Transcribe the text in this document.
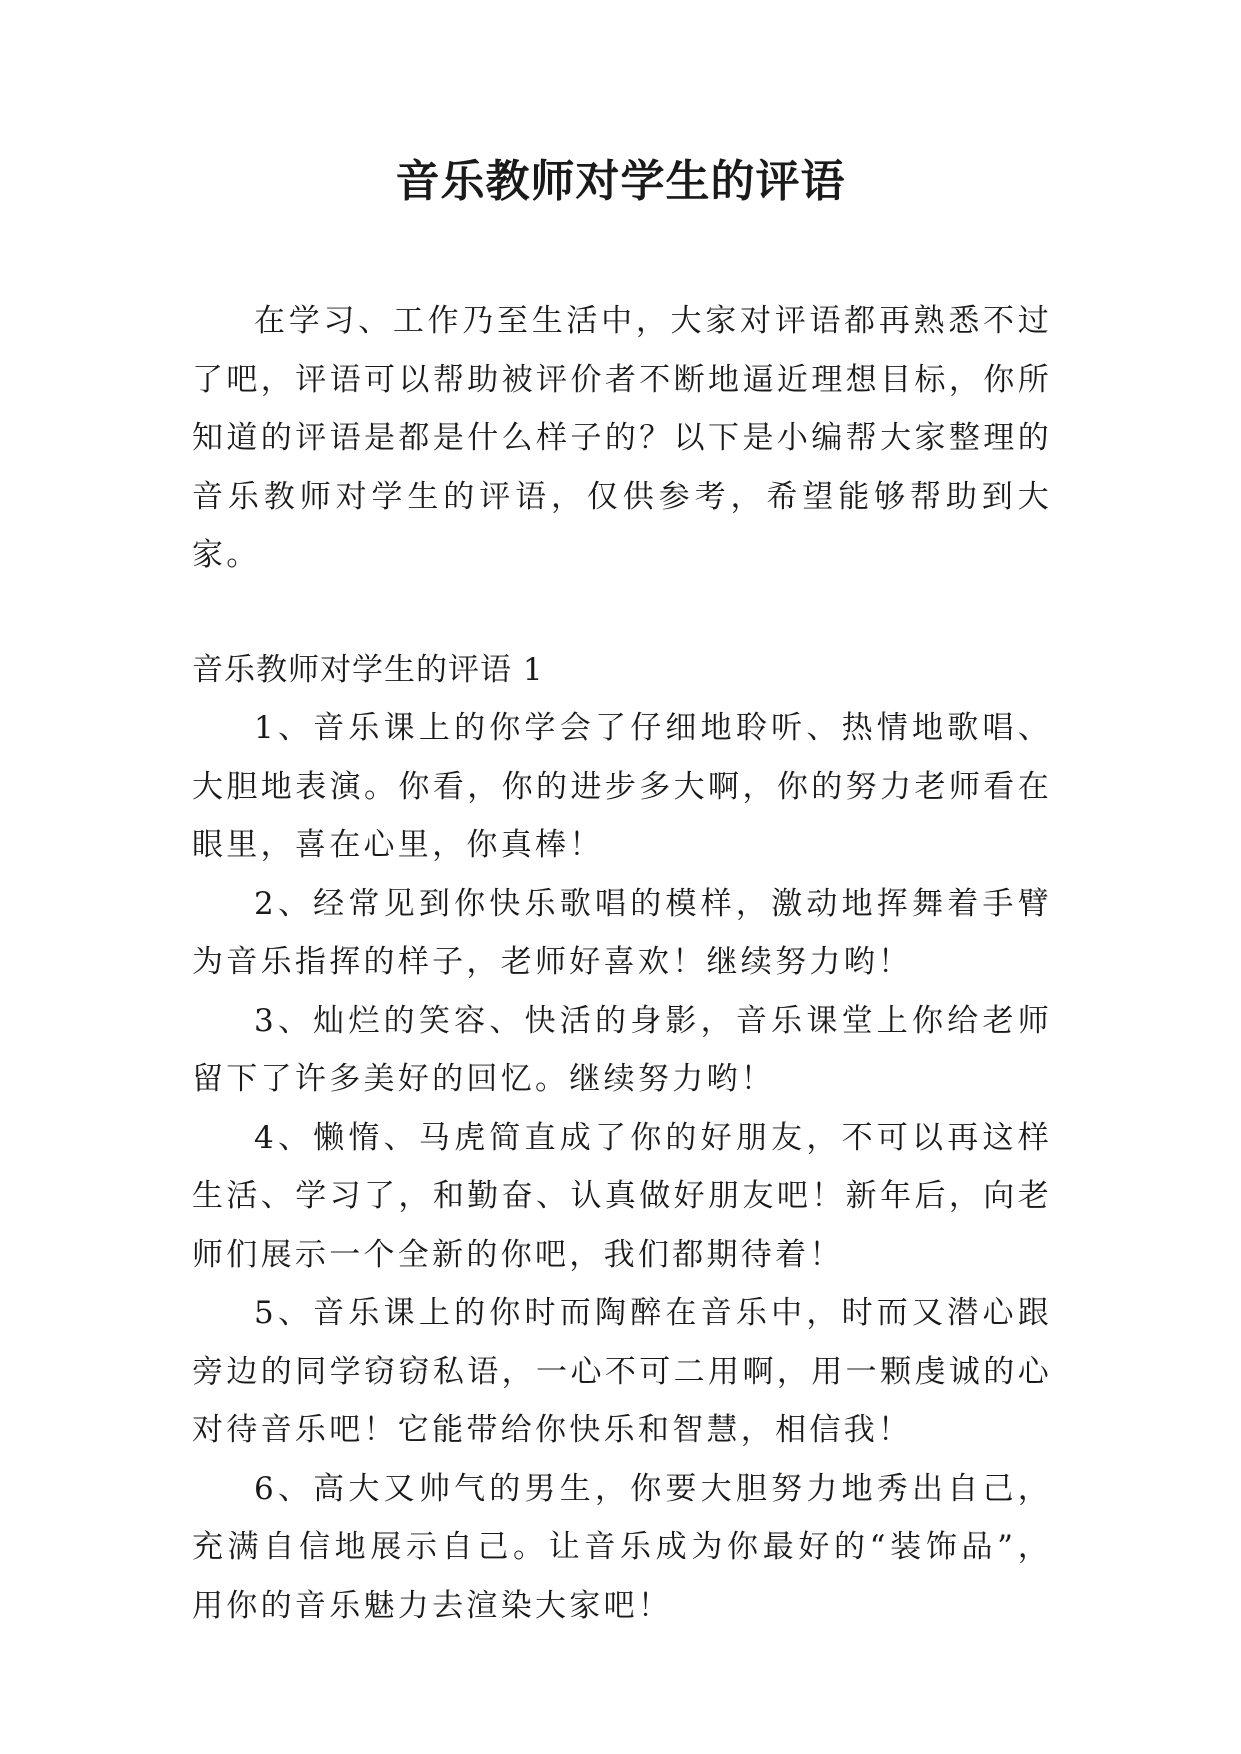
音乐教师对学生的评语

在学习、工作乃至生活中，大家对评语都再熟悉不过了吧，评语可以帮助被评价者不断地逼近理想目标，你所知道的评语是都是什么样子的？以下是小编帮大家整理的音乐教师对学生的评语，仅供参考，希望能够帮助到大家。

音乐教师对学生的评语 1

1、音乐课上的你学会了仔细地聆听、热情地歌唱、大胆地表演。你看，你的进步多大啊，你的努力老师看在眼里，喜在心里，你真棒！

2、经常见到你快乐歌唱的模样，激动地挥舞着手臂为音乐指挥的样子，老师好喜欢！继续努力哟！

3、灿烂的笑容、快活的身影，音乐课堂上你给老师留下了许多美好的回忆。继续努力哟！

4、懒惰、马虎简直成了你的好朋友，不可以再这样生活、学习了，和勤奋、认真做好朋友吧！新年后，向老师们展示一个全新的你吧，我们都期待着！

5、音乐课上的你时而陶醉在音乐中，时而又潜心跟旁边的同学窃窃私语，一心不可二用啊，用一颗虔诚的心对待音乐吧！它能带给你快乐和智慧，相信我！

6、高大又帅气的男生，你要大胆努力地秀出自己，充满自信地展示自己。让音乐成为你最好的“装饰品”，用你的音乐魅力去渲染大家吧！
